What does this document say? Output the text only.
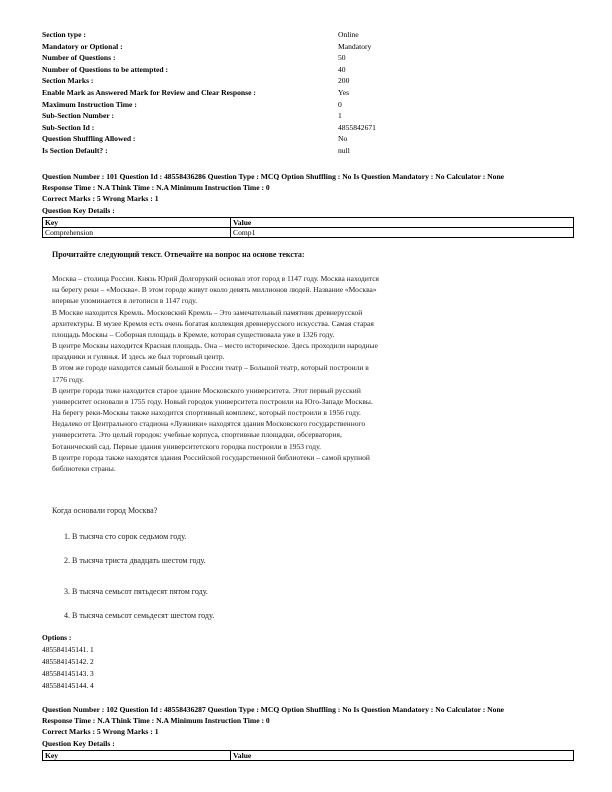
Section type :	Online
Mandatory or Optional :	Mandatory
Number of Questions :	50
Number of Questions to be attempted :	40
Section Marks :	200
Enable Mark as Answered Mark for Review and Clear Response :	Yes
Maximum Instruction Time :	0
Sub-Section Number :	1
Sub-Section Id :	4855842671
Question Shuffling Allowed :	No
Is Section Default? :	null
Question Number : 101 Question Id : 48558436286 Question Type : MCQ Option Shuffling : No Is Question Mandatory : No Calculator : None
Response Time : N.A Think Time : N.A Minimum Instruction Time : 0
Correct Marks : 5 Wrong Marks : 1
Question Key Details :
Key	Value
Comprehension	Comp1
Прочитайте следующий текст. Отвечайте на вопрос на основе текста:

Москва – столица России. Князь Юрий Долгорукий основал этот город в 1147 году. Москва находится

на берегу реки – «Москва». В этом городе живут около девять миллионов людей. Название «Москва»

впервые упоминается в летописи в 1147 году.

В Москве находится Кремль. Московский Кремль – Это замечательный памятник древнерусской

архитектуры. В музее Кремля есть очень богатая коллекция древнерусского искусства. Самая старая

площадь Москвы – Соборная площадь в Кремле, которая существовала уже в 1326 году.

В центре Москвы находится Красная площадь. Она – место историческое. Здесь проходили народные

праздники и гулянья. И здесь же был торговый центр.

В этом же городе находится самый большой в России театр – Большой театр, который построили в

1776 году.

В центре города тоже находится старое здание Московского университета. Этот первый русский

университет основали в 1755 году. Новый городок университета построили на Юго-Западе Москвы.

На берегу реки-Москвы также находится спортивный комплекс, который построили в 1956 году.

Недалеко от Центрального стадиона «Лужники» находятся здания Московского государственного

университета. Это целый городок: учебные корпуса, спортивные площадки, обсерватория,

Ботанический сад. Первые здания университетского городка построили в 1953 году.

В центре города также находятся здания Российской государственной библиотеки – самой крупной

библиотеки страны.

Когда основали город Москва?
1. В тысяча сто сорок седьмом году.
2. В тысяча триста двадцать шестом году.
3. В тысяча семьсот пятьдесят пятом году.
4. В тысяча семьсот семьдесят шестом году.
Options :
485584145141. 1
485584145142. 2
485584145143. 3
485584145144. 4
Question Number : 102 Question Id : 48558436287 Question Type : MCQ Option Shuffling : No Is Question Mandatory : No Calculator : None
Response Time : N.A Think Time : N.A Minimum Instruction Time : 0
Correct Marks : 5 Wrong Marks : 1
Question Key Details :
Key	Value
